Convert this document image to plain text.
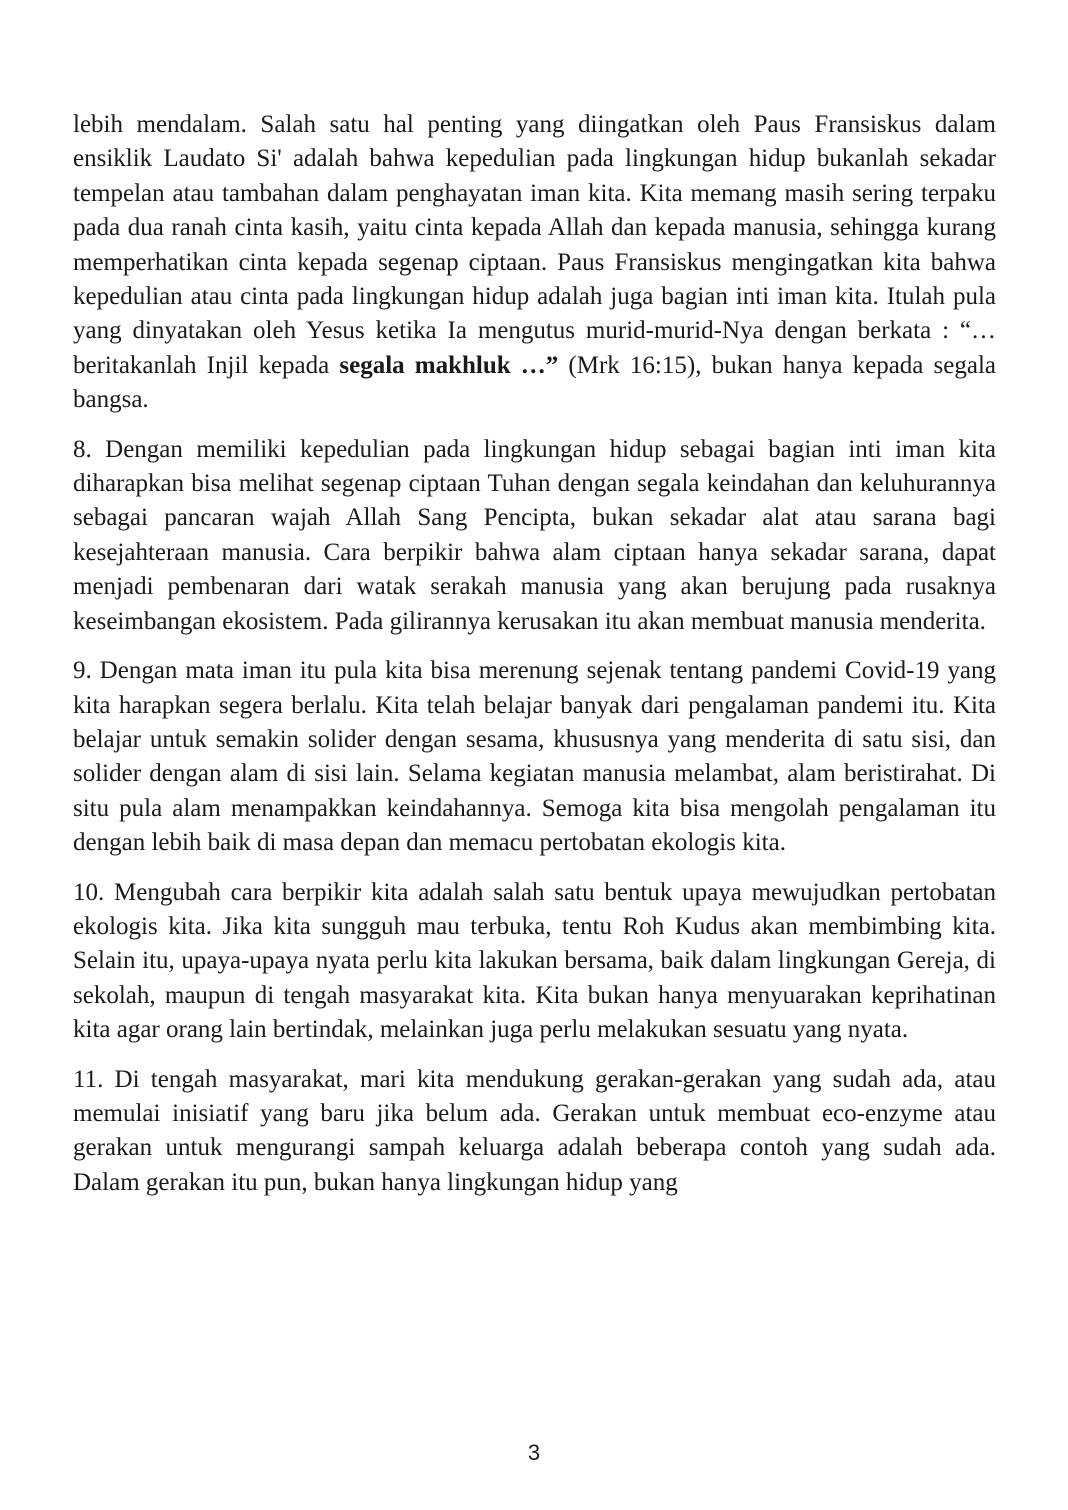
lebih mendalam. Salah satu hal penting yang diingatkan oleh Paus Fransiskus dalam ensiklik Laudato Si' adalah bahwa kepedulian pada lingkungan hidup bukanlah sekadar tempelan atau tambahan dalam penghayatan iman kita. Kita memang masih sering terpaku pada dua ranah cinta kasih, yaitu cinta kepada Allah dan kepada manusia, sehingga kurang memperhatikan cinta kepada segenap ciptaan. Paus Fransiskus mengingatkan kita bahwa kepedulian atau cinta pada lingkungan hidup adalah juga bagian inti iman kita. Itulah pula yang dinyatakan oleh Yesus ketika Ia mengutus murid-murid-Nya dengan berkata : “…beritakanlah Injil kepada segala makhluk …” (Mrk 16:15), bukan hanya kepada segala bangsa.
8. Dengan memiliki kepedulian pada lingkungan hidup sebagai bagian inti iman kita diharapkan bisa melihat segenap ciptaan Tuhan dengan segala keindahan dan keluhurannya sebagai pancaran wajah Allah Sang Pencipta, bukan sekadar alat atau sarana bagi kesejahteraan manusia. Cara berpikir bahwa alam ciptaan hanya sekadar sarana, dapat menjadi pembenaran dari watak serakah manusia yang akan berujung pada rusaknya keseimbangan ekosistem. Pada gilirannya kerusakan itu akan membuat manusia menderita.
9. Dengan mata iman itu pula kita bisa merenung sejenak tentang pandemi Covid-19 yang kita harapkan segera berlalu. Kita telah belajar banyak dari pengalaman pandemi itu. Kita belajar untuk semakin solider dengan sesama, khususnya yang menderita di satu sisi, dan solider dengan alam di sisi lain. Selama kegiatan manusia melambat, alam beristirahat. Di situ pula alam menampakkan keindahannya. Semoga kita bisa mengolah pengalaman itu dengan lebih baik di masa depan dan memacu pertobatan ekologis kita.
10. Mengubah cara berpikir kita adalah salah satu bentuk upaya mewujudkan pertobatan ekologis kita. Jika kita sungguh mau terbuka, tentu Roh Kudus akan membimbing kita. Selain itu, upaya-upaya nyata perlu kita lakukan bersama, baik dalam lingkungan Gereja, di sekolah, maupun di tengah masyarakat kita. Kita bukan hanya menyuarakan keprihatinan kita agar orang lain bertindak, melainkan juga perlu melakukan sesuatu yang nyata.
11. Di tengah masyarakat, mari kita mendukung gerakan-gerakan yang sudah ada, atau memulai inisiatif yang baru jika belum ada. Gerakan untuk membuat eco-enzyme atau gerakan untuk mengurangi sampah keluarga adalah beberapa contoh yang sudah ada. Dalam gerakan itu pun, bukan hanya lingkungan hidup yang
3
